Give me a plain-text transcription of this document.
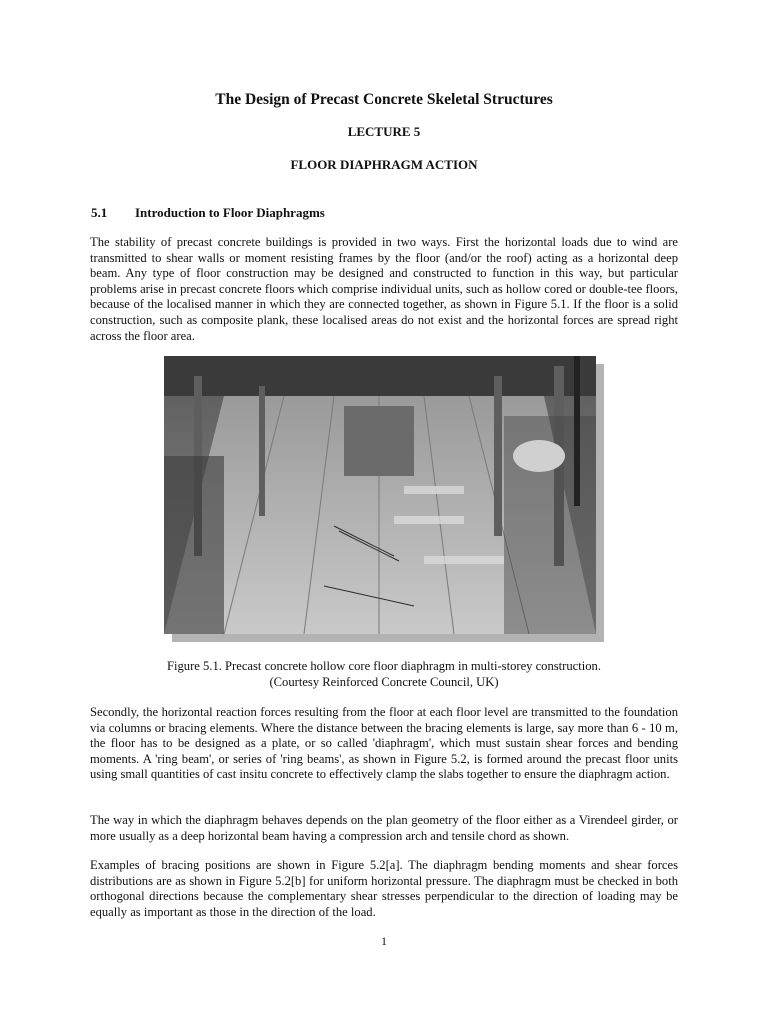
The Design of Precast Concrete Skeletal Structures
LECTURE 5
FLOOR DIAPHRAGM ACTION
5.1 Introduction to Floor Diaphragms

The stability of precast concrete buildings is provided in two ways. First the horizontal loads due to wind are transmitted to shear walls or moment resisting frames by the floor (and/or the roof) acting as a horizontal deep beam. Any type of floor construction may be designed and constructed to function in this way, but particular problems arise in precast concrete floors which comprise individual units, such as hollow cored or double-tee floors, because of the localised manner in which they are connected together, as shown in Figure 5.1. If the floor is a solid construction, such as composite plank, these localised areas do not exist and the horizontal forces are spread right across the floor area.

Figure 5.1. Precast concrete hollow core floor diaphragm in multi-storey construction.
(Courtesy Reinforced Concrete Council, UK)

Secondly, the horizontal reaction forces resulting from the floor at each floor level are transmitted to the foundation via columns or bracing elements. Where the distance between the bracing elements is large, say more than 6 - 10 m, the floor has to be designed as a plate, or so called 'diaphragm', which must sustain shear forces and bending moments. A 'ring beam', or series of 'ring beams', as shown in Figure 5.2, is formed around the precast floor units using small quantities of cast insitu concrete to effectively clamp the slabs together to ensure the diaphragm action.

The way in which the diaphragm behaves depends on the plan geometry of the floor either as a Virendeel girder, or more usually as a deep horizontal beam having a compression arch and tensile chord as shown.

Examples of bracing positions are shown in Figure 5.2[a]. The diaphragm bending moments and shear forces distributions are as shown in Figure 5.2[b] for uniform horizontal pressure. The diaphragm must be checked in both orthogonal directions because the complementary shear stresses perpendicular to the direction of loading may be equally as important as those in the direction of the load.

1
